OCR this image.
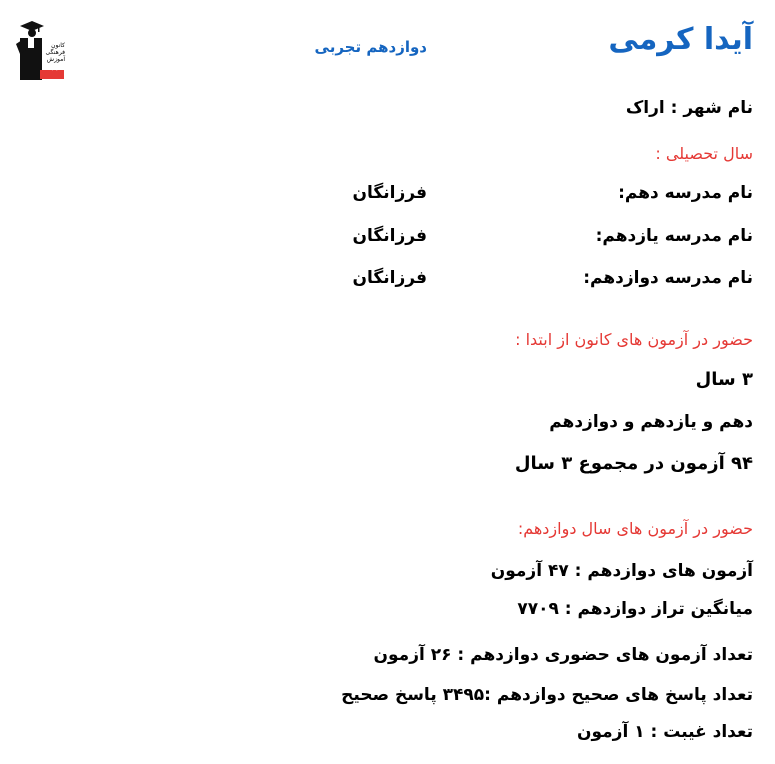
آیدا کرمی
دوازدهم تجربی
کانون
فرهنگی
آموزش
قلم چی
نام شهر : اراک
سال تحصیلی :
نام مدرسه دهم:
فرزانگان
نام مدرسه یازدهم:
فرزانگان
نام مدرسه دوازدهم:
فرزانگان
حضور در آزمون های کانون از ابتدا :
۳ سال
دهم و یازدهم و دوازدهم
۹۴ آزمون در مجموع ۳ سال
حضور در آزمون های سال دوازدهم:
آزمون های دوازدهم : ۴۷ آزمون
میانگین تراز دوازدهم : ۷۷۰۹
تعداد آزمون های حضوری دوازدهم : ۲۶ آزمون
تعداد پاسخ های صحیح دوازدهم :۳۴۹۵ پاسخ صحیح
تعداد غیبت : ۱ آزمون
